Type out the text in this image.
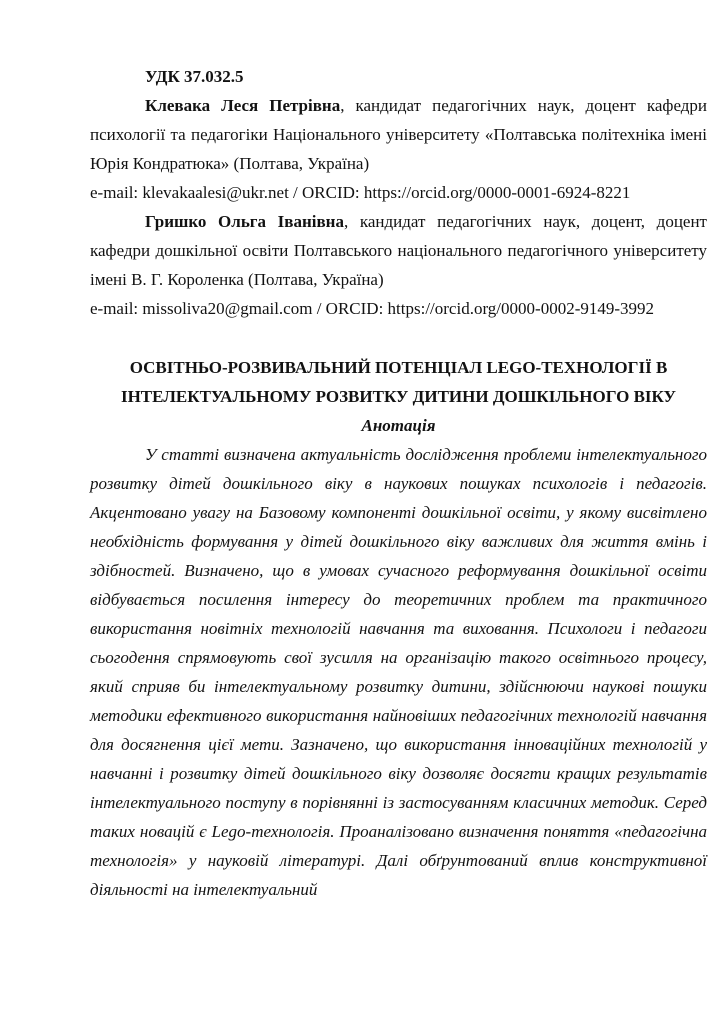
УДК 37.032.5

Клевака Леся Петрівна, кандидат педагогічних наук, доцент кафедри психології та педагогіки Національного університету «Полтавська політехніка імені Юрія Кондратюка» (Полтава, Україна)

e-mail: klevakaalesi@ukr.net / ORCID: https://orcid.org/0000-0001-6924-8221

Гришко Ольга Іванівна, кандидат педагогічних наук, доцент, доцент кафедри дошкільної освіти Полтавського національного педагогічного університету імені В. Г. Короленка (Полтава, Україна)

e-mail: missoliva20@gmail.com / ORCID: https://orcid.org/0000-0002-9149-3992

ОСВІТНЬО-РОЗВИВАЛЬНИЙ ПОТЕНЦІАЛ LEGO-ТЕХНОЛОГІЇ В ІНТЕЛЕКТУАЛЬНОМУ РОЗВИТКУ ДИТИНИ ДОШКІЛЬНОГО ВІКУ

Анотація

У статті визначена актуальність дослідження проблеми інтелектуального розвитку дітей дошкільного віку в наукових пошуках психологів і педагогів. Акцентовано увагу на Базовому компоненті дошкільної освіти, у якому висвітлено необхідність формування у дітей дошкільного віку важливих для життя вмінь і здібностей. Визначено, що в умовах сучасного реформування дошкільної освіти відбувається посилення інтересу до теоретичних проблем та практичного використання новітніх технологій навчання та виховання. Психологи і педагоги сьогодення спрямовують свої зусилля на організацію такого освітнього процесу, який сприяв би інтелектуальному розвитку дитини, здійснюючи наукові пошуки методики ефективного використання найновіших педагогічних технологій навчання для досягнення цієї мети. Зазначено, що використання інноваційних технологій у навчанні і розвитку дітей дошкільного віку дозволяє досягти кращих результатів інтелектуального поступу в порівнянні із застосуванням класичних методик. Серед таких новацій є Lego-технологія. Проаналізовано визначення поняття «педагогічна технологія» у науковій літературі. Далі обґрунтований вплив конструктивної діяльності на інтелектуальний
